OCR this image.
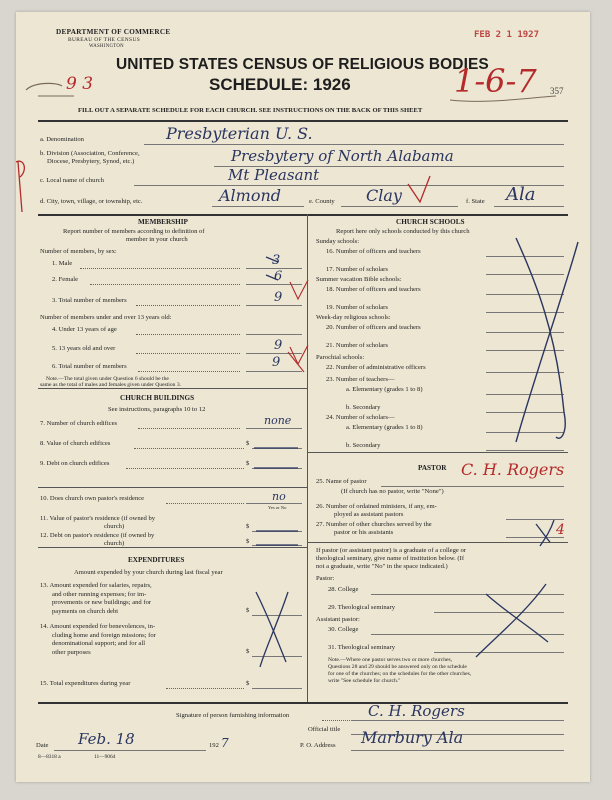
DEPARTMENT OF COMMERCE
BUREAU OF THE CENSUS
WASHINGTON
FEB 2 1 1927
UNITED STATES CENSUS OF RELIGIOUS BODIES
SCHEDULE: 1926	357
9 3	1-6-7
FILL OUT A SEPARATE SCHEDULE FOR EACH CHURCH. SEE INSTRUCTIONS ON THE BACK OF THIS SHEET
a. Denomination	Presbyterian U. S.
b. Division (Association, Conference,
Diocese, Presbytery, Synod, etc.)	Presbytery of North Alabama
c. Local name of church	Mt Pleasant
d. City, town, village, or township, etc.	Almond	e. County Clay	f. State Ala
MEMBERSHIP
Report number of members according to definition of
member in your church
Number of members, by sex:
1. Male	3
2. Female	6
3. Total number of members	9
Number of members under and over 13 years old:
4. Under 13 years of age
5. 13 years old and over	9
6. Total number of members	9
Note.—The total given under Question 6 should be the
same as the total of males and females given under Question 3.
CHURCH BUILDINGS
See instructions, paragraphs 10 to 12
7. Number of church edifices	none
8. Value of church edifices	$
9. Debt on church edifices	$
10. Does church own pastor's residence	no
Yes or No
11. Value of pastor's residence (if owned by
church)	$
12. Debt on pastor's residence (if owned by
church)	$
EXPENDITURES
Amount expended by your church during last fiscal year
13. Amount expended for salaries, repairs,
and other running expenses; for im-
provements or new buildings; and for
payments on church debt	$
14. Amount expended for benevolences, in-
cluding home and foreign missions; for
denominational support; and for all
other purposes	$
15. Total expenditures during year	$
CHURCH SCHOOLS
Report here only schools conducted by this church
Sunday schools:
16. Number of officers and teachers
17. Number of scholars
Summer vacation Bible schools:
18. Number of officers and teachers
19. Number of scholars
Week-day religious schools:
20. Number of officers and teachers
21. Number of scholars
Parochial schools:
22. Number of administrative officers
23. Number of teachers—
a. Elementary (grades 1 to 8)
b. Secondary
24. Number of scholars—
a. Elementary (grades 1 to 8)
b. Secondary
PASTOR
25. Name of pastor
C. H. Rogers
(If church has no pastor, write "None")
26. Number of ordained ministers, if any, em-
ployed as assistant pastors
27. Number of other churches served by the
pastor or his assistants	4
If pastor (or assistant pastor) is a graduate of a college or
theological seminary, give name of institution below. (If
not a graduate, write "No" in the space indicated.)
Pastor:
28. College
29. Theological seminary
Assistant pastor:
30. College
31. Theological seminary
Note.—Where one pastor serves two or more churches,
Questions 28 and 29 should be answered only on the schedule
for one of the churches; on the schedules for the other churches,
write "See schedule for church."
Signature of person furnishing information	C. H. Rogers
Official title
Date Feb. 18	192 7	P. O. Address Marbury Ala
8—8318 a	11—9064
